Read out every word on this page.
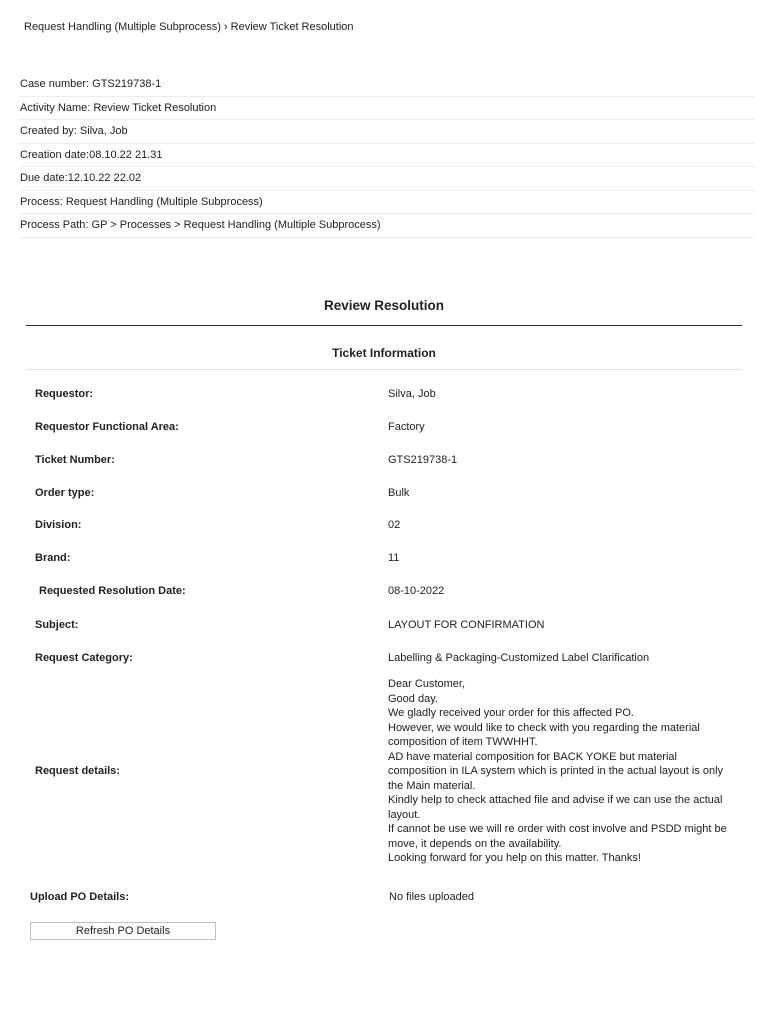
Request Handling (Multiple Subprocess) › Review Ticket Resolution
Case number: GTS219738-1
Activity Name: Review Ticket Resolution
Created by: Silva, Job
Creation date:08.10.22 21.31
Due date:12.10.22 22.02
Process: Request Handling (Multiple Subprocess)
Process Path: GP > Processes > Request Handling (Multiple Subprocess)
Review Resolution
Ticket Information
Requestor:	Silva, Job
Requestor Functional Area:	Factory
Ticket Number:	GTS219738-1
Order type:	Bulk
Division:	02
Brand:	11
Requested Resolution Date:	08-10-2022
Subject:	LAYOUT FOR CONFIRMATION
Request Category:	Labelling & Packaging-Customized Label Clarification
Request details:
Dear Customer,
Good day.
We gladly received your order for this affected PO.
However, we would like to check with you regarding the material
composition of item TWWHHT.
AD have material composition for BACK YOKE but material
composition in ILA system which is printed in the actual layout is only
the Main material.
Kindly help to check attached file and advise if we can use the actual
layout.
If cannot be use we will re order with cost involve and PSDD might be
move, it depends on the availability.
Looking forward for you help on this matter. Thanks!
Upload PO Details:	No files uploaded
Refresh PO Details
